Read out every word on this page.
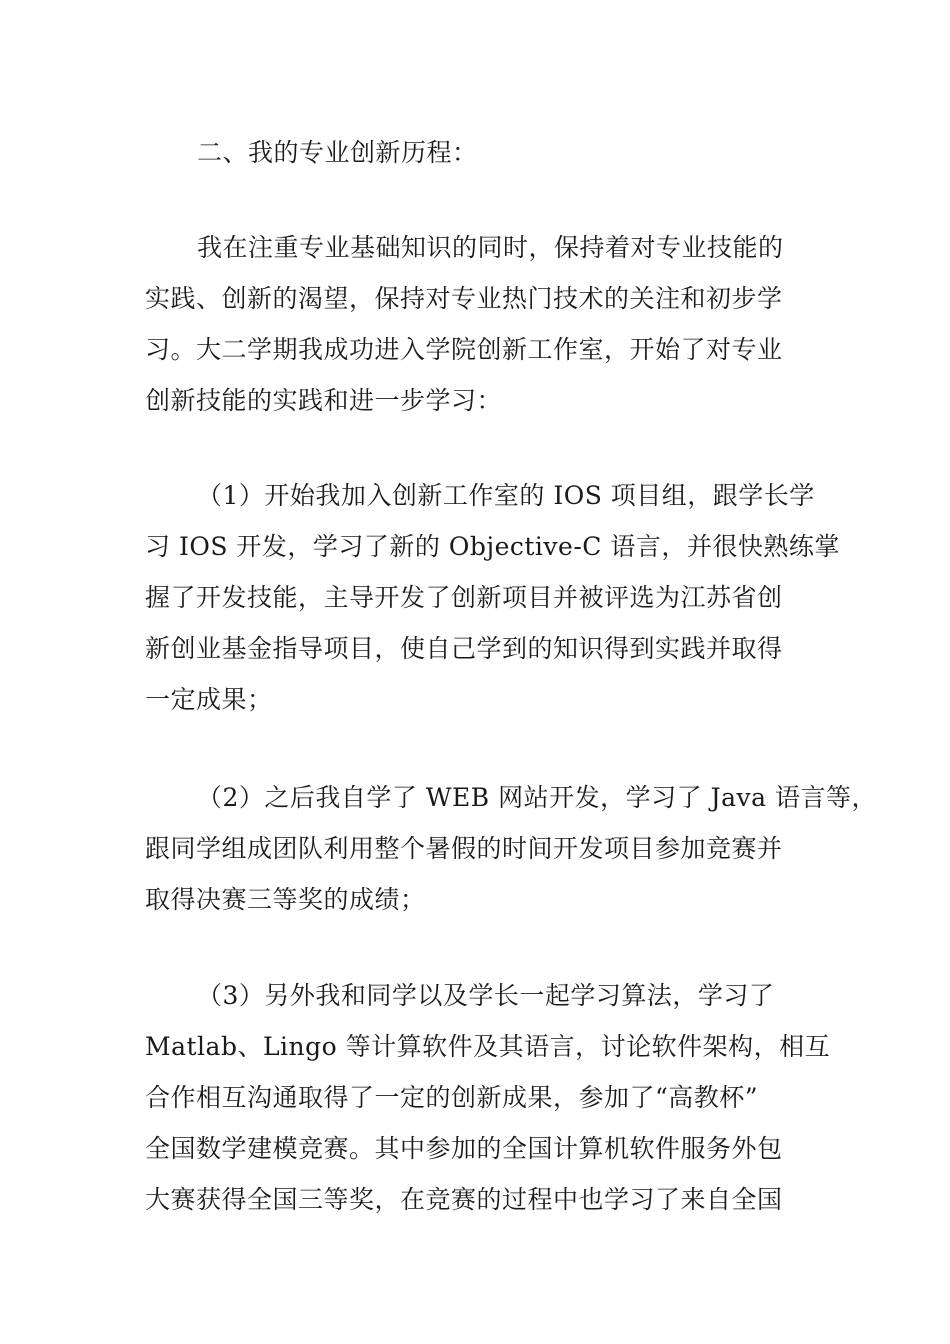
二、我的专业创新历程：
我在注重专业基础知识的同时，保持着对专业技能的
实践、创新的渴望，保持对专业热门技术的关注和初步学
习。大二学期我成功进入学院创新工作室，开始了对专业
创新技能的实践和进一步学习：
（1）开始我加入创新工作室的 IOS 项目组，跟学长学
习 IOS 开发，学习了新的 Objective-C 语言，并很快熟练掌
握了开发技能，主导开发了创新项目并被评选为江苏省创
新创业基金指导项目，使自己学到的知识得到实践并取得
一定成果；
（2）之后我自学了 WEB 网站开发，学习了 Java 语言等，
跟同学组成团队利用整个暑假的时间开发项目参加竞赛并
取得决赛三等奖的成绩；
（3）另外我和同学以及学长一起学习算法，学习了
Matlab、Lingo 等计算软件及其语言，讨论软件架构，相互
合作相互沟通取得了一定的创新成果，参加了“高教杯”
全国数学建模竞赛。其中参加的全国计算机软件服务外包
大赛获得全国三等奖，在竞赛的过程中也学习了来自全国
